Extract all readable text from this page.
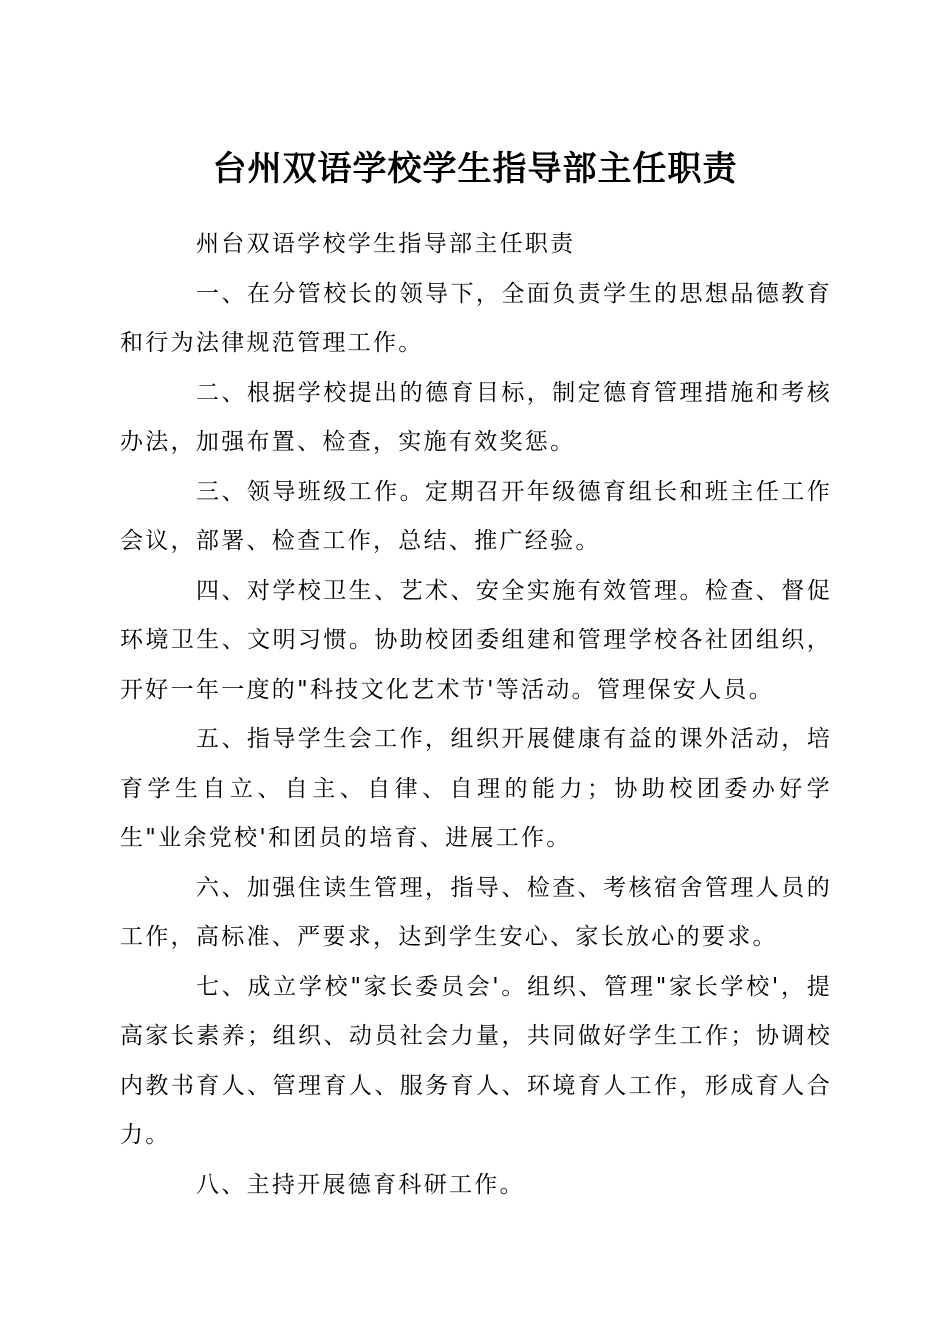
台州双语学校学生指导部主任职责

州台双语学校学生指导部主任职责

一、在分管校长的领导下，全面负责学生的思想品德教育和行为法律规范管理工作。

二、根据学校提出的德育目标，制定德育管理措施和考核办法，加强布置、检查，实施有效奖惩。

三、领导班级工作。定期召开年级德育组长和班主任工作会议，部署、检查工作，总结、推广经验。

四、对学校卫生、艺术、安全实施有效管理。检查、督促环境卫生、文明习惯。协助校团委组建和管理学校各社团组织，开好一年一度的"科技文化艺术节'等活动。管理保安人员。

五、指导学生会工作，组织开展健康有益的课外活动，培育学生自立、自主、自律、自理的能力；协助校团委办好学生"业余党校'和团员的培育、进展工作。

六、加强住读生管理，指导、检查、考核宿舍管理人员的工作，高标准、严要求，达到学生安心、家长放心的要求。

七、成立学校"家长委员会'。组织、管理"家长学校'，提高家长素养；组织、动员社会力量，共同做好学生工作；协调校内教书育人、管理育人、服务育人、环境育人工作，形成育人合力。

八、主持开展德育科研工作。
